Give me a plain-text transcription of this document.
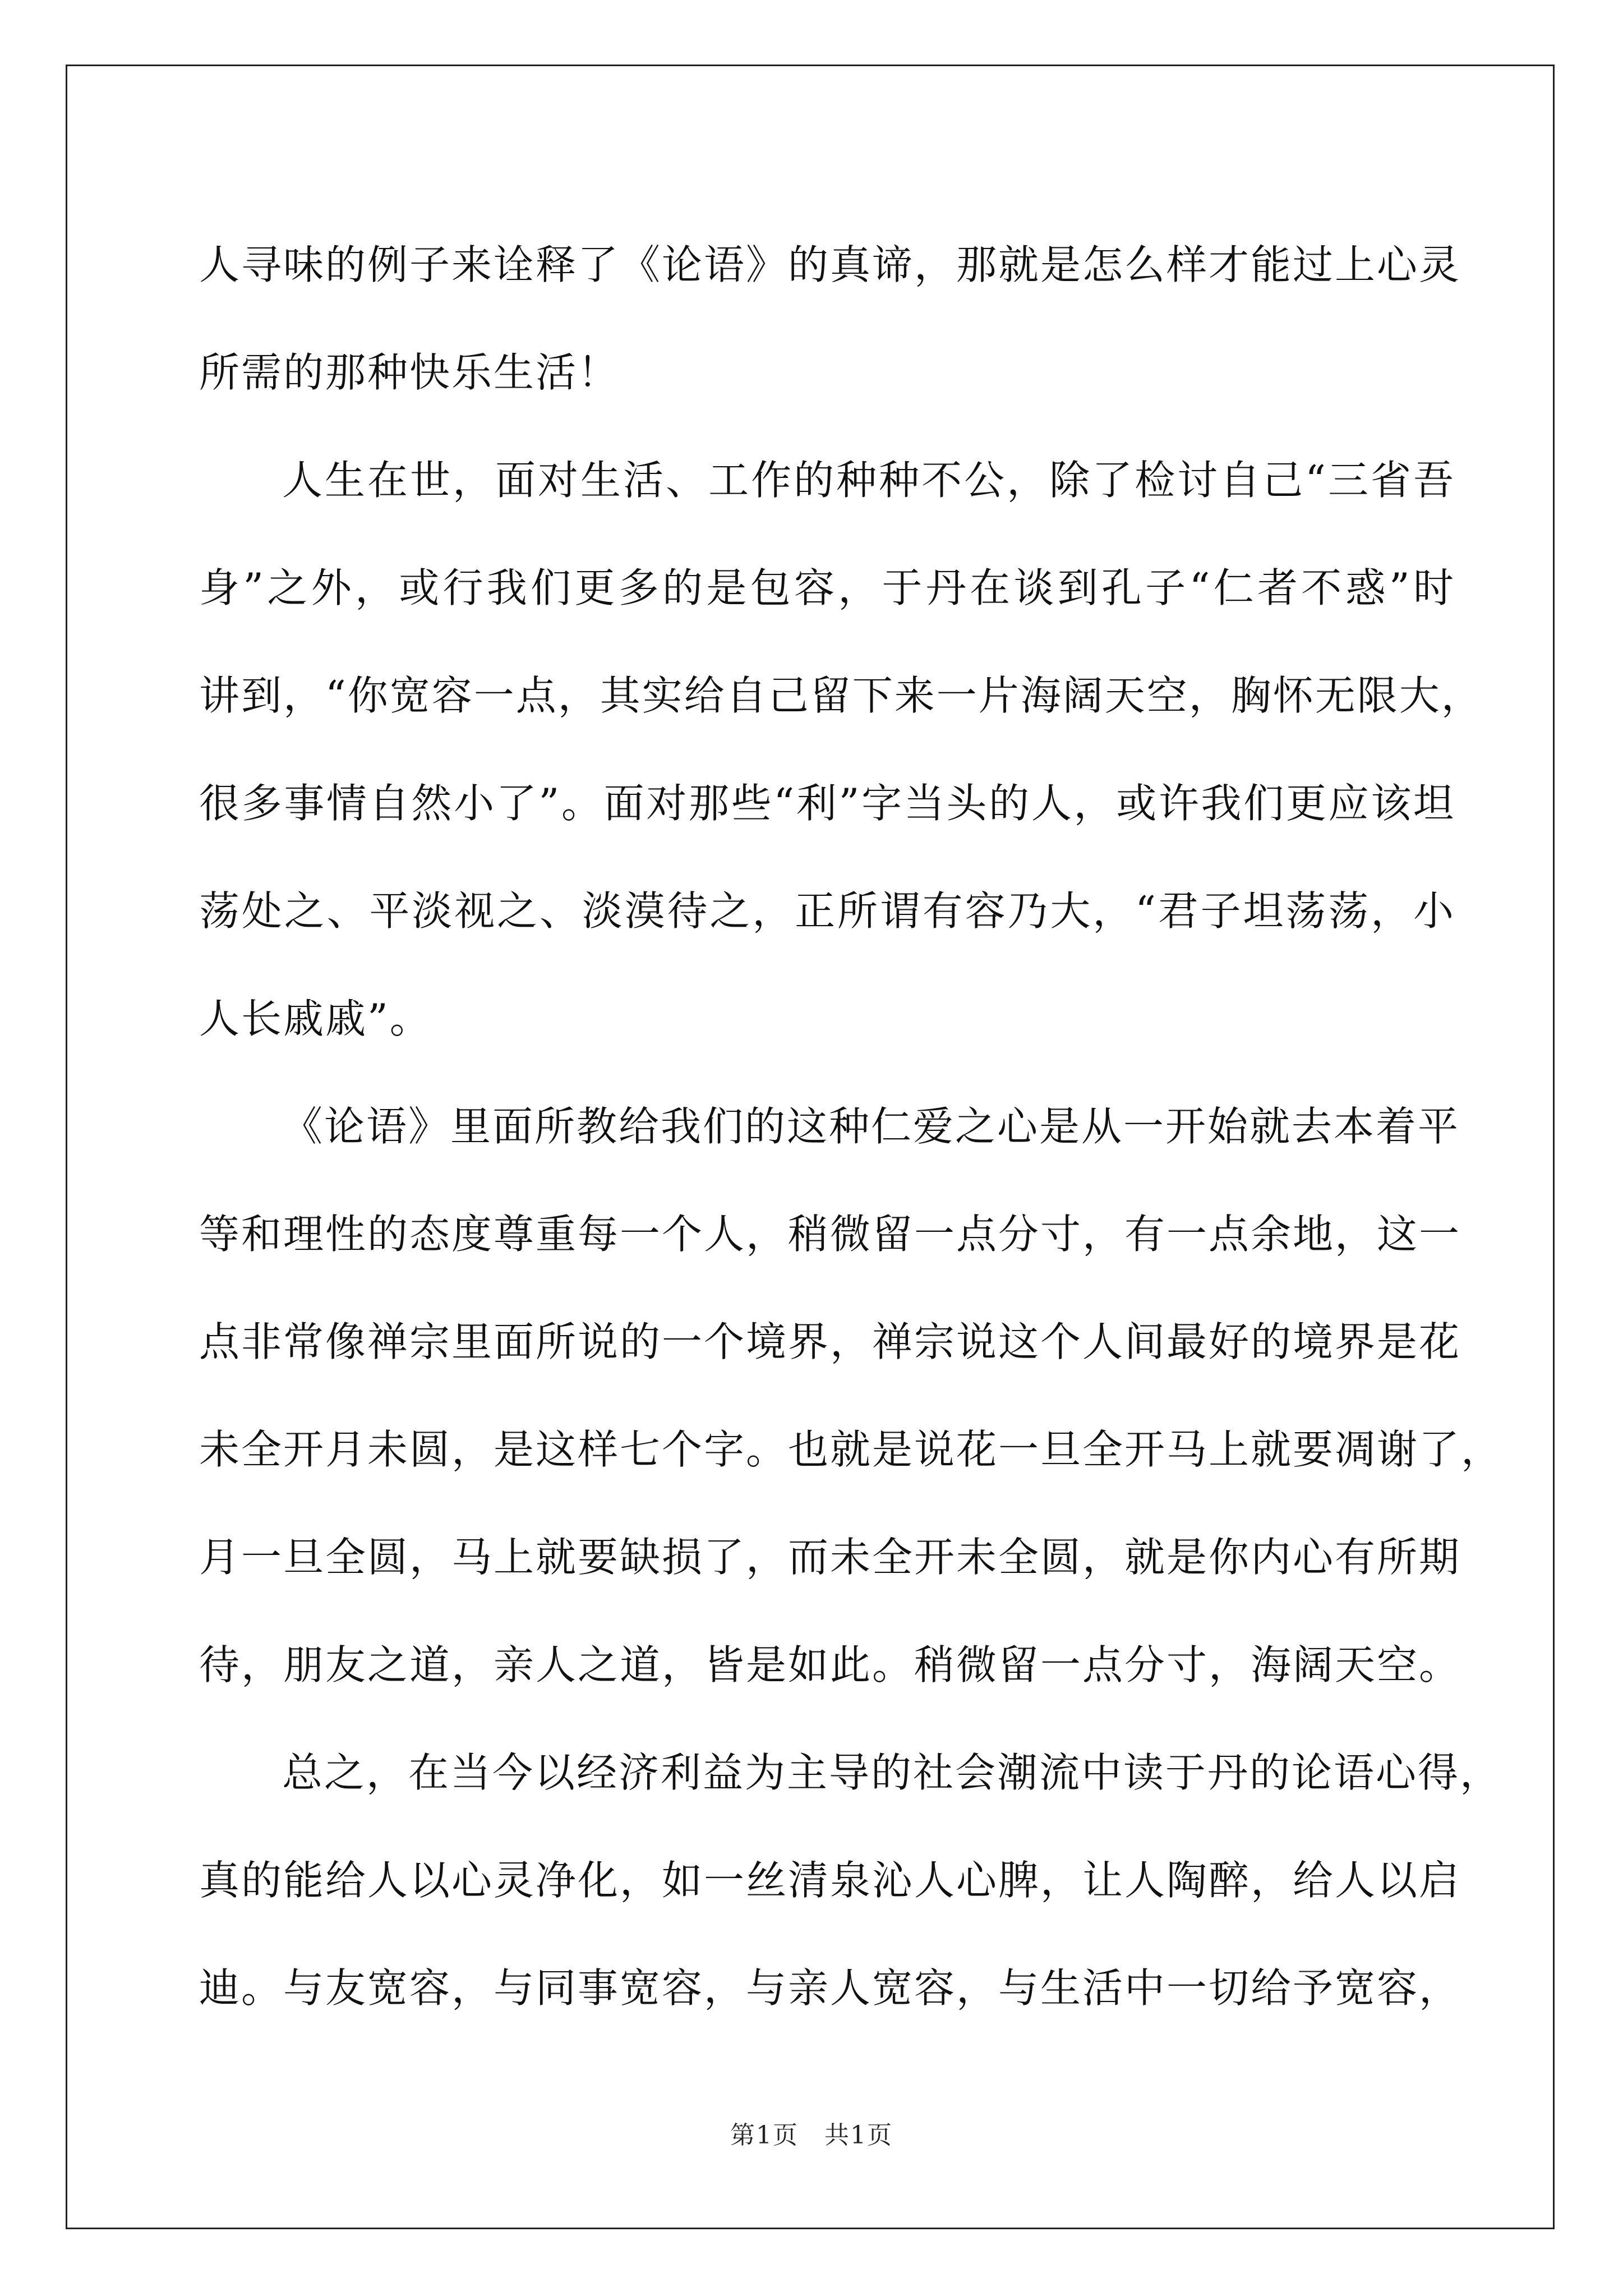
人寻味的例子来诠释了《论语》的真谛，那就是怎么样才能过上心灵
所需的那种快乐生活！
人生在世，面对生活、工作的种种不公，除了检讨自己“三省吾
身”之外，或行我们更多的是包容，于丹在谈到孔子“仁者不惑”时
讲到，“你宽容一点，其实给自己留下来一片海阔天空，胸怀无限大，
很多事情自然小了”。面对那些“利”字当头的人，或许我们更应该坦
荡处之、平淡视之、淡漠待之，正所谓有容乃大，“君子坦荡荡，小
人长戚戚”。
《论语》里面所教给我们的这种仁爱之心是从一开始就去本着平
等和理性的态度尊重每一个人，稍微留一点分寸，有一点余地，这一
点非常像禅宗里面所说的一个境界，禅宗说这个人间最好的境界是花
未全开月未圆，是这样七个字。也就是说花一旦全开马上就要凋谢了，
月一旦全圆，马上就要缺损了，而未全开未全圆，就是你内心有所期
待，朋友之道，亲人之道，皆是如此。稍微留一点分寸，海阔天空。
总之，在当今以经济利益为主导的社会潮流中读于丹的论语心得，
真的能给人以心灵净化，如一丝清泉沁人心脾，让人陶醉，给人以启
迪。与友宽容，与同事宽容，与亲人宽容，与生活中一切给予宽容，
第1页　共1页
